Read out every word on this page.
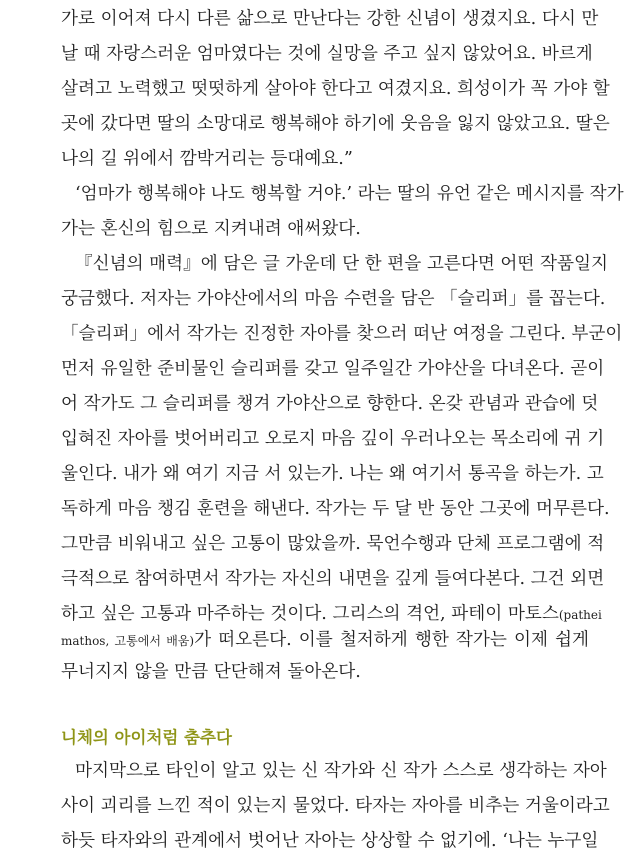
가로 이어져 다시 다른 삶으로 만난다는 강한 신념이 생겼지요. 다시 만
날 때 자랑스러운 엄마였다는 것에 실망을 주고 싶지 않았어요. 바르게
살려고 노력했고 떳떳하게 살아야 한다고 여겼지요. 희성이가 꼭 가야 할
곳에 갔다면 딸의 소망대로 행복해야 하기에 웃음을 잃지 않았고요. 딸은
나의 길 위에서 깜박거리는 등대예요.”
‘엄마가 행복해야 나도 행복할 거야.’ 라는 딸의 유언 같은 메시지를 작가
가는 혼신의 힘으로 지켜내려 애써왔다.
『신념의 매력』에 담은 글 가운데 단 한 편을 고른다면 어떤 작품일지
궁금했다. 저자는 가야산에서의 마음 수련을 담은 「슬리퍼」를 꼽는다.
「슬리퍼」에서 작가는 진정한 자아를 찾으러 떠난 여정을 그린다. 부군이
먼저 유일한 준비물인 슬리퍼를 갖고 일주일간 가야산을 다녀온다. 곧이
어 작가도 그 슬리퍼를 챙겨 가야산으로 향한다. 온갖 관념과 관습에 덧
입혀진 자아를 벗어버리고 오로지 마음 깊이 우러나오는 목소리에 귀 기
울인다. 내가 왜 여기 지금 서 있는가. 나는 왜 여기서 통곡을 하는가. 고
독하게 마음 챙김 훈련을 해낸다. 작가는 두 달 반 동안 그곳에 머무른다.
그만큼 비워내고 싶은 고통이 많았을까. 묵언수행과 단체 프로그램에 적
극적으로 참여하면서 작가는 자신의 내면을 깊게 들여다본다. 그건 외면
하고 싶은 고통과 마주하는 것이다. 그리스의 격언, 파테이 마토스(pathei
mathos, 고통에서 배움)가 떠오른다. 이를 철저하게 행한 작가는 이제 쉽게
무너지지 않을 만큼 단단해져 돌아온다.
니체의 아이처럼 춤추다
마지막으로 타인이 알고 있는 신 작가와 신 작가 스스로 생각하는 자아
사이 괴리를 느낀 적이 있는지 물었다. 타자는 자아를 비추는 거울이라고
하듯 타자와의 관계에서 벗어난 자아는 상상할 수 없기에. ‘나는 누구일
